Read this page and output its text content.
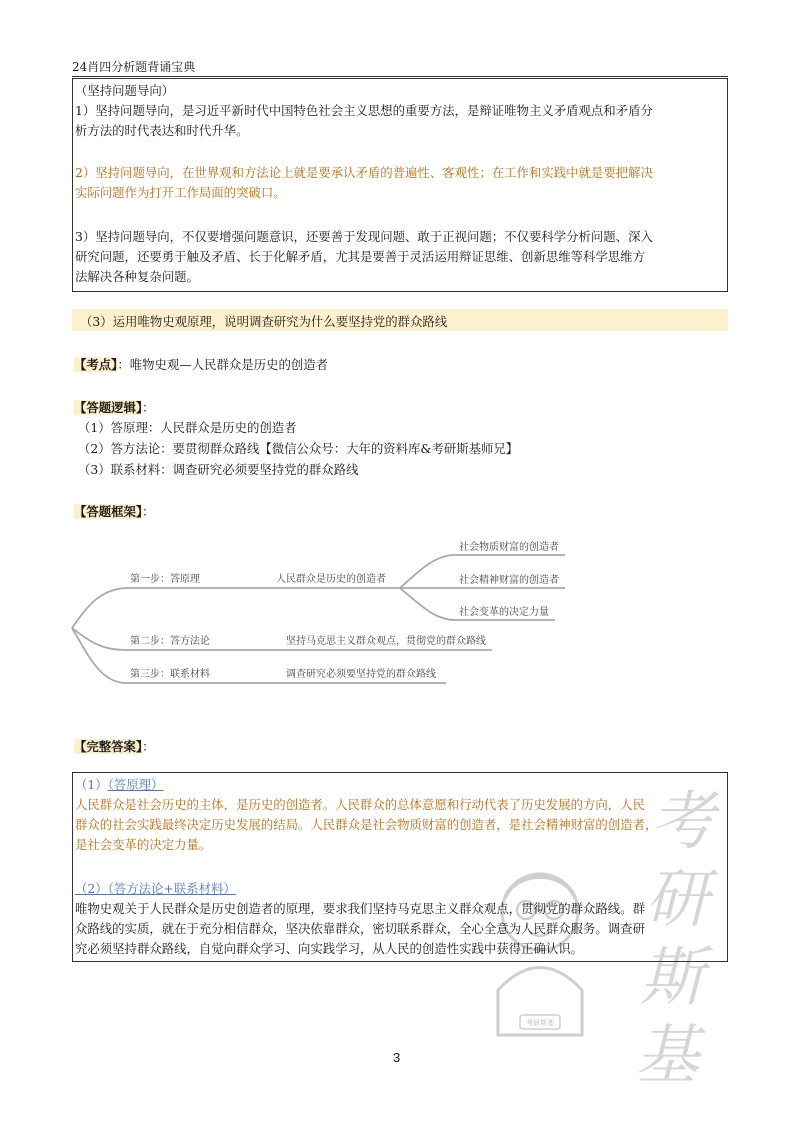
24肖四分析题背诵宝典
（坚持问题导向）
1）坚持问题导向，是习近平新时代中国特色社会主义思想的重要方法，是辩证唯物主义矛盾观点和矛盾分
析方法的时代表达和时代升华。
2）坚持问题导向，在世界观和方法论上就是要承认矛盾的普遍性、客观性；在工作和实践中就是要把解决
实际问题作为打开工作局面的突破口。
3）坚持问题导向，不仅要增强问题意识，还要善于发现问题、敢于正视问题；不仅要科学分析问题、深入
研究问题，还要勇于触及矛盾、长于化解矛盾，尤其是要善于灵活运用辩证思维、创新思维等科学思维方
法解决各种复杂问题。
（3）运用唯物史观原理，说明调查研究为什么要坚持党的群众路线
【考点】：唯物史观—人民群众是历史的创造者
【答题逻辑】：
（1）答原理：人民群众是历史的创造者
（2）答方法论：要贯彻群众路线【微信公众号：大年的资料库&考研斯基师兄】
（3）联系材料：调查研究必须要坚持党的群众路线
【答题框架】：
第一步：答原理	人民群众是历史的创造者
社会物质财富的创造者
社会精神财富的创造者
社会变革的决定力量
第二步：答方法论	坚持马克思主义群众观点，贯彻党的群众路线
第三步：联系材料	调查研究必须要坚持党的群众路线
【完整答案】：
考
研
斯
基
考研斯基
（1）（答原理）
人民群众是社会历史的主体，是历史的创造者。人民群众的总体意愿和行动代表了历史发展的方向，人民
群众的社会实践最终决定历史发展的结局。人民群众是社会物质财富的创造者，是社会精神财富的创造者，
是社会变革的决定力量。
（2）（答方法论+联系材料）
唯物史观关于人民群众是历史创造者的原理，要求我们坚持马克思主义群众观点，贯彻党的群众路线。群
众路线的实质，就在于充分相信群众，坚决依靠群众，密切联系群众，全心全意为人民群众服务。调查研
究必须坚持群众路线，自觉向群众学习、向实践学习，从人民的创造性实践中获得正确认识。
3
